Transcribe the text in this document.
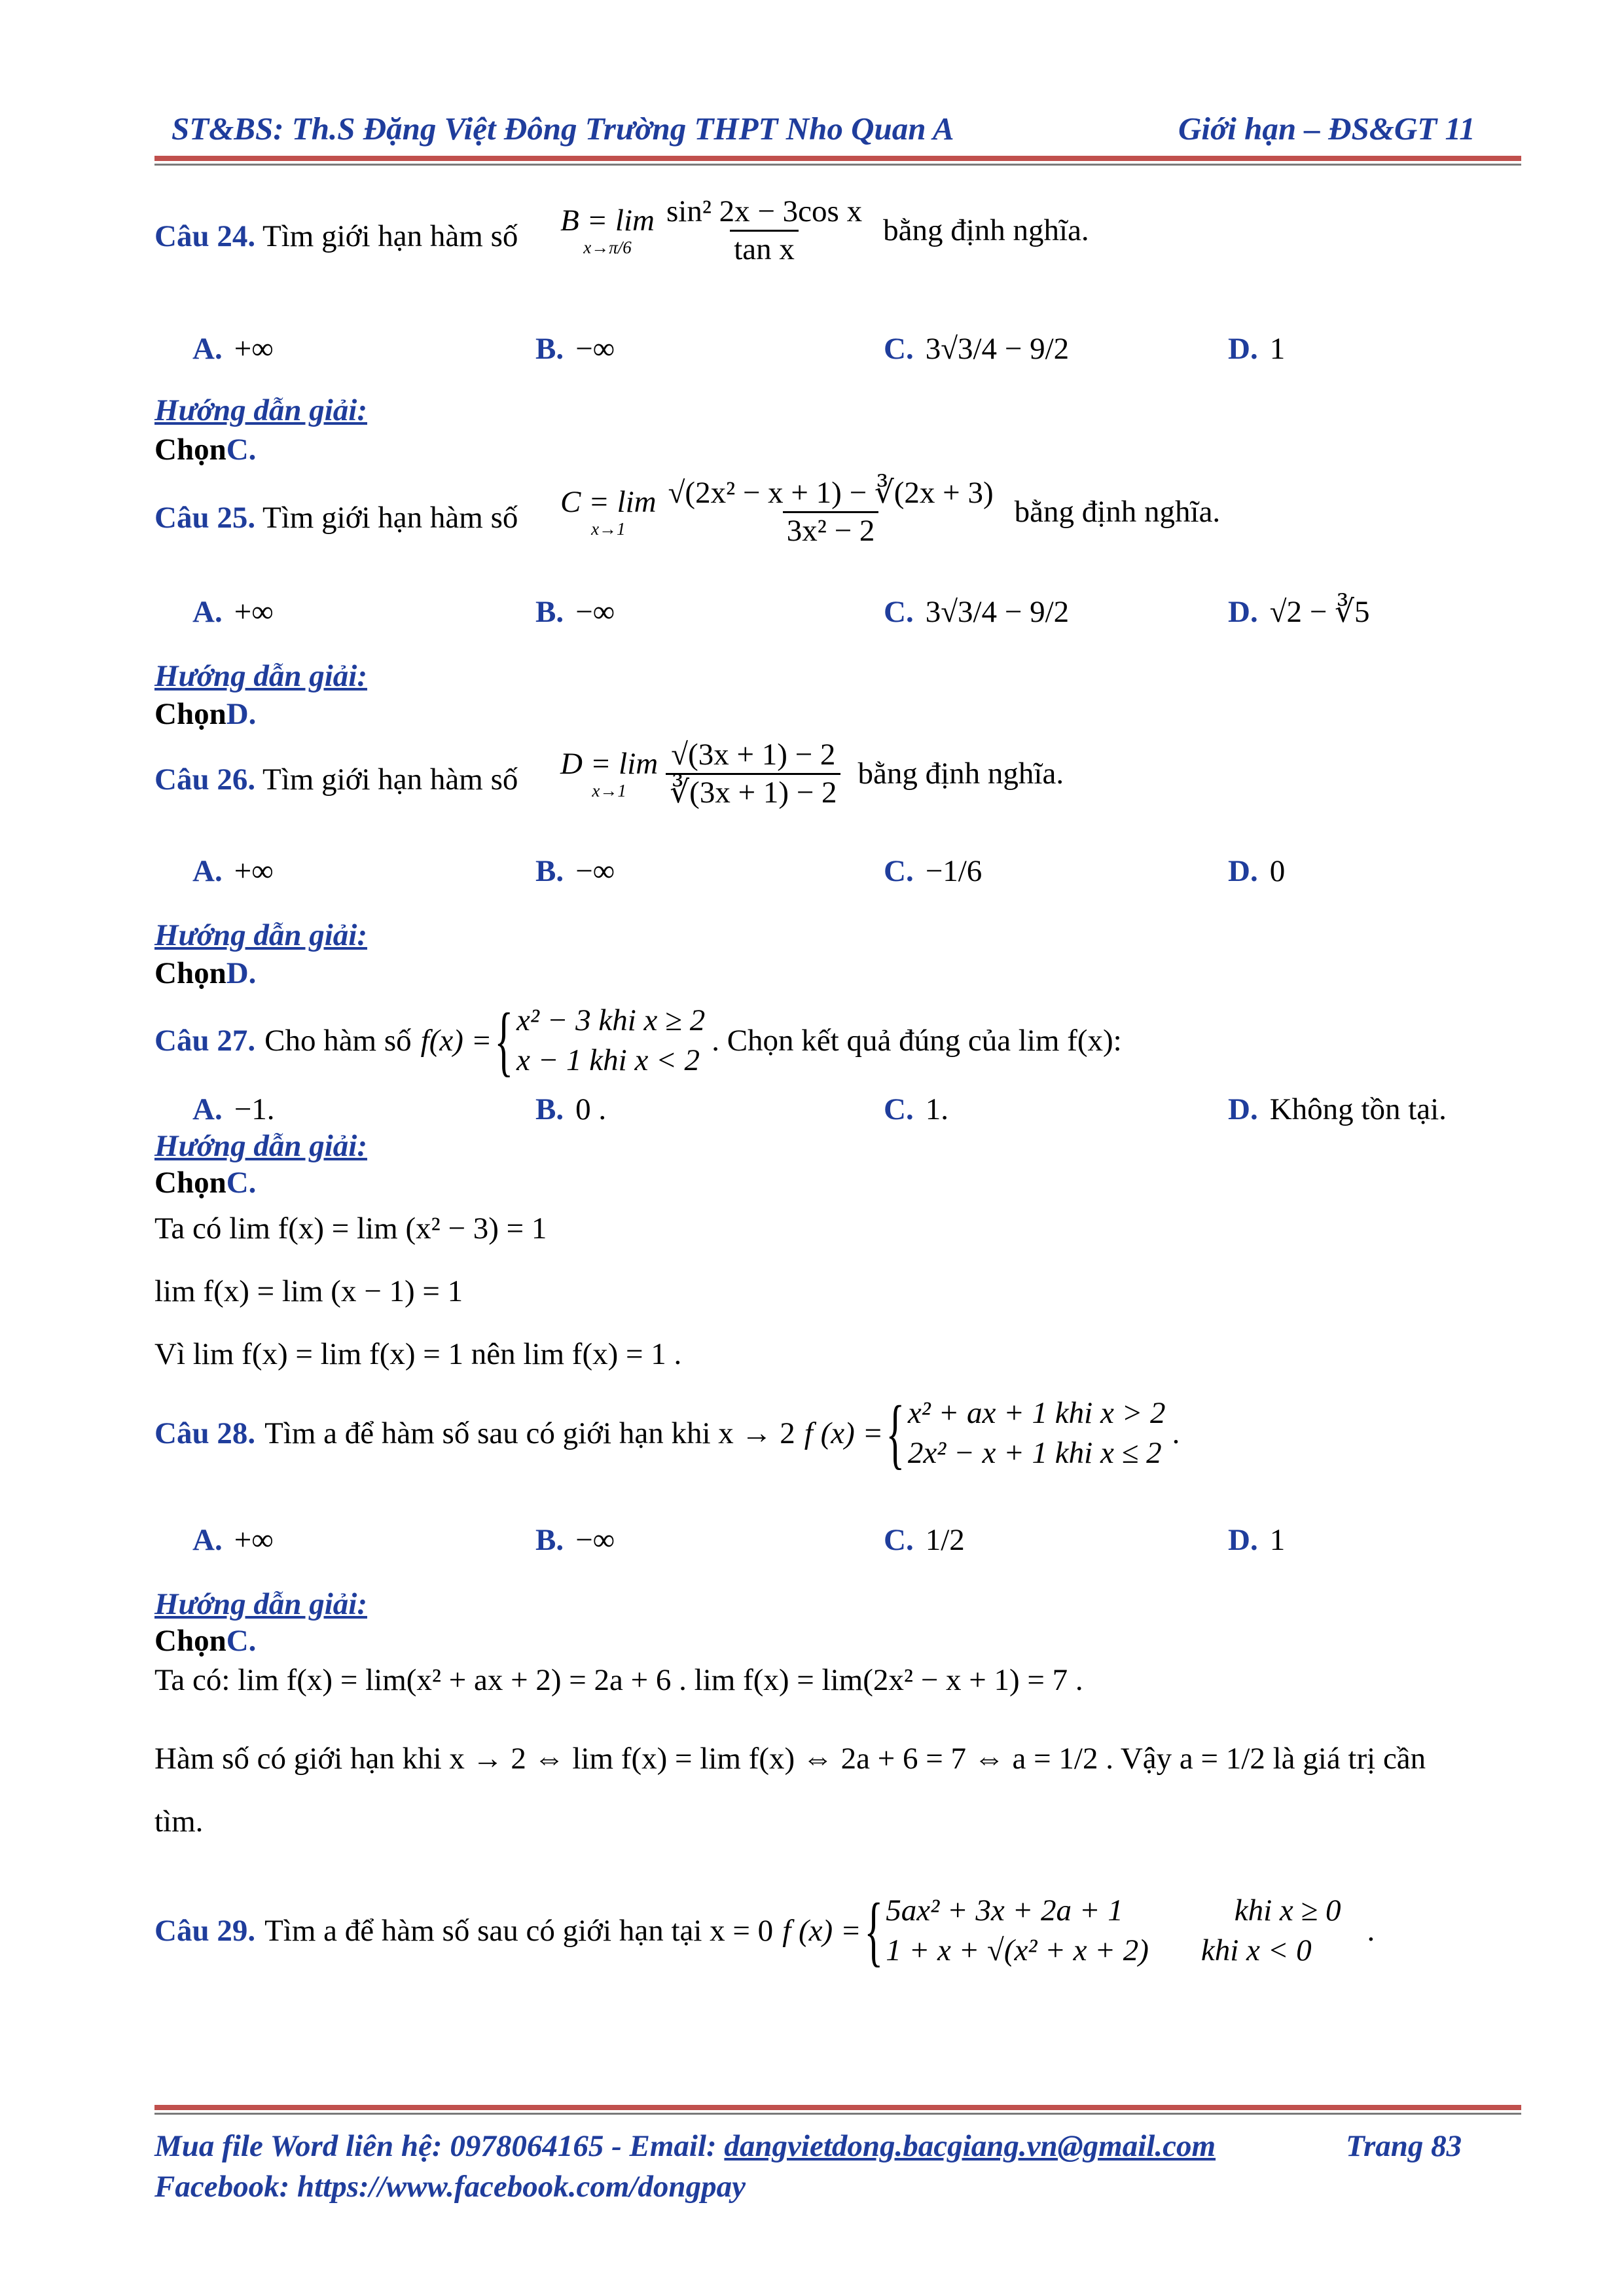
ST&BS: Th.S Đặng Việt Đông Trường THPT Nho Quan A	Giới hạn – ĐS&GT 11
Câu 24. Tìm giới hạn hàm số B = lim
$x\to\pi/6 \frac{\text{sin² 2x − 3cos x}}{\text{tan x}}$ bằng định nghĩa.
A. +∞	B. −∞	C. 3√3/4 − 9/2	D. 1
Hướng dẫn giải:
ChọnC.
Câu 25. Tìm giới hạn hàm số C = lim
$x\to 1 \frac{\text{√(2x² − x + 1) − ∛(2x + 3)}}{\text{3x² − 2}}$ bằng định nghĩa.
A. +∞	B. −∞	C. 3√3/4 − 9/2	D. √2 − ∛5
Hướng dẫn giải:
ChọnD.
Câu 26. Tìm giới hạn hàm số D = lim
$x\to 1 \frac{√(3x + 1) - 2}{∛(3x + 1) - 2}$ bằng định nghĩa.
A. +∞	B. −∞	C. −1/6	D. 0
Hướng dẫn giải:
ChọnD.
Câu 27. Cho hàm số f(x) = { x² − 3 khi x ≥ 2
x − 1 khi x < 2
. Chọn kết quả đúng của lim f(x):
A. −1.	B. 0 .	C. 1.	D. Không tồn tại.
Hướng dẫn giải:
ChọnC.
Ta có lim f(x) = lim (x² − 3) = 1
lim f(x) = lim (x − 1) = 1
Vì lim f(x) = lim f(x) = 1 nên lim f(x) = 1 .
Câu 28. Tìm a để hàm số sau có giới hạn khi x → 2 f (x) = { x² + ax + 1 khi x > 2
2x² − x + 1 khi x ≤ 2
.
A. +∞	B. −∞	C. 1/2	D. 1
Hướng dẫn giải:
ChọnC.
Ta có: lim f(x) = lim(x² + ax + 2) = 2a + 6 . lim f(x) = lim(2x² − x + 1) = 7 .
Hàm số có giới hạn khi x → 2 ⇔ lim f(x) = lim f(x) ⇔ 2a + 6 = 7 ⇔ a = 1/2 . Vậy a = 1/2 là giá trị cần
tìm.
Câu 29. Tìm a để hàm số sau có giới hạn tại x = 0 f (x) = { 5ax² + 3x + 2a + 1	khi x ≥ 0
1 + x + √(x² + x + 2) khi x < 0
.
Mua file Word liên hệ: 0978064165 - Email: dangvietdong.bacgiang.vn@gmail.com	Trang 83
Facebook: https://www.facebook.com/dongpay
